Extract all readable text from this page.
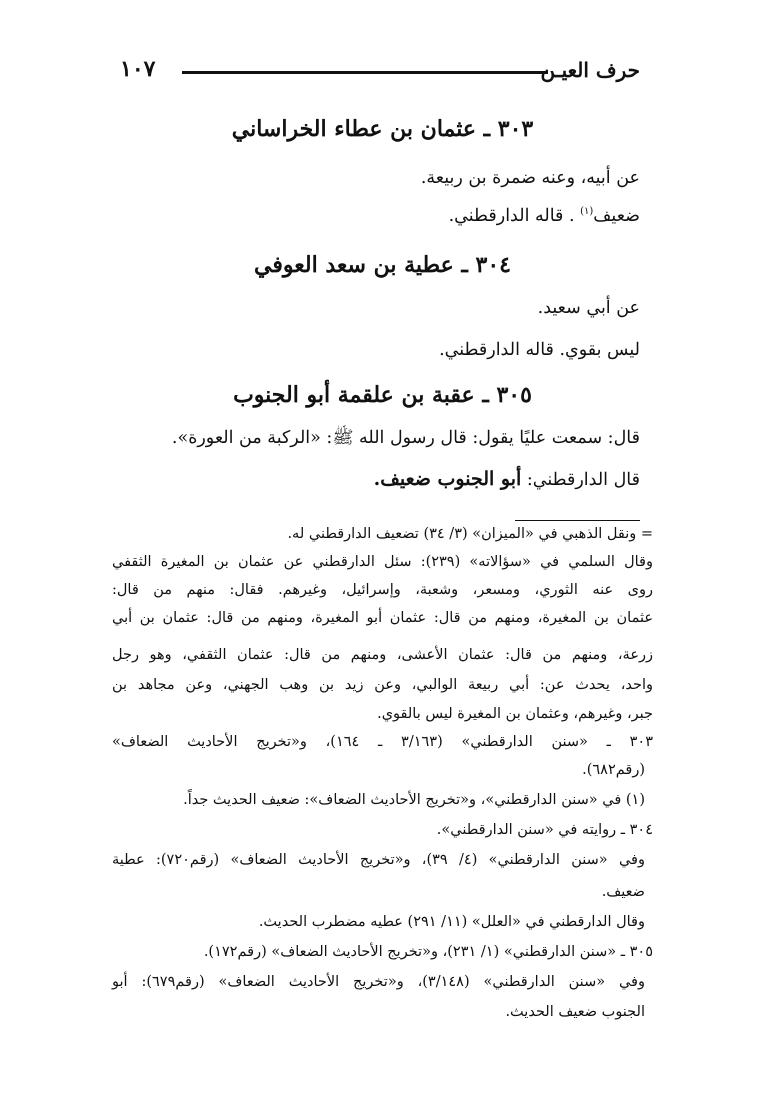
حرف العيـن
١٠٧
٣٠٣ ـ عثمان بن عطاء الخراساني
عن أبيه، وعنه ضمرة بن ربيعة.
ضعيف$^{(١)}$ . قاله الدارقطني.
٣٠٤ ـ عطية بن سعد العوفي
عن أبي سعيد.
ليس بقوي. قاله الدارقطني.
٣٠٥ ـ عقبة بن علقمة أبو الجنوب
قال: سمعت عليًا يقول: قال رسول الله ﷺ: «الركبة من العورة».
قال الدارقطني: أبو الجنوب ضعيف.
= ونقل الذهبي في «الميزان» (٣/ ٣٤) تضعيف الدارقطني له.
وقال السلمي في «سؤالاته» (٢٣٩): سئل الدارقطني عن عثمان بن المغيرة الثقفي
روى عنه الثوري، ومسعر، وشعبة، وإسرائيل، وغيرهم. فقال: منهم من قال:
عثمان بن المغيرة، ومنهم من قال: عثمان أبو المغيرة، ومنهم من قال: عثمان بن أبي
زرعة، ومنهم من قال: عثمان الأعشى، ومنهم من قال: عثمان الثقفي، وهو رجل
واحد، يحدث عن: أبي ربيعة الوالبي، وعن زيد بن وهب الجهني، وعن مجاهد بن
جبر، وغيرهم، وعثمان بن المغيرة ليس بالقوي.
٣٠٣ ـ «سنن الدارقطني» (٣/١٦٣ ـ ١٦٤)، و«تخريج الأحاديث الضعاف»
(رقم٦٨٢).
(١) في «سنن الدارقطني»، و«تخريج الأحاديث الضعاف»: ضعيف الحديث جداً.
٣٠٤ ـ روايته في «سنن الدارقطني».
وفي «سنن الدارقطني» (٤/ ٣٩)، و«تخريج الأحاديث الضعاف» (رقم٧٢٠): عطية
ضعيف.
وقال الدارقطني في «العلل» (١١/ ٢٩١) عطيه مضطرب الحديث.
٣٠٥ ـ «سنن الدارقطني» (١/ ٢٣١)، و«تخريج الأحاديث الضعاف» (رقم١٧٢).
وفي «سنن الدارقطني» (٣/١٤٨)، و«تخريج الأحاديث الضعاف» (رقم٦٧٩): أبو
الجنوب ضعيف الحديث.
